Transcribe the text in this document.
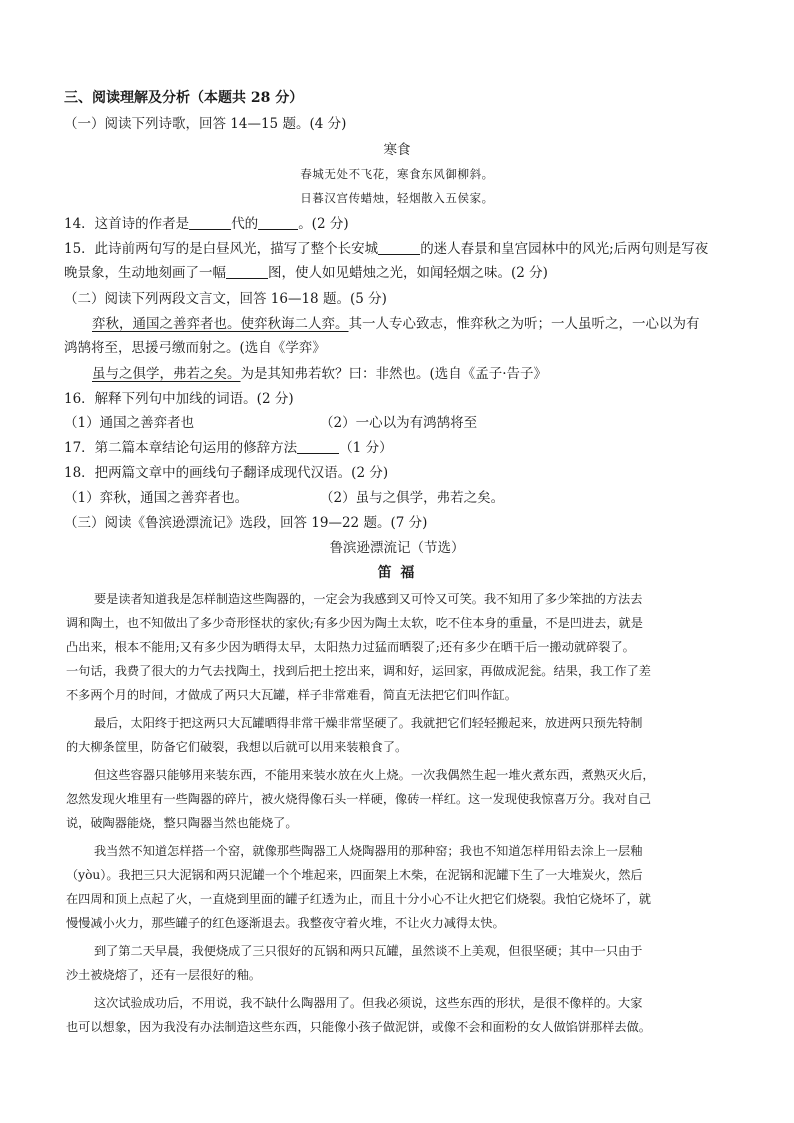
三、阅读理解及分析（本题共 28 分）
（一）阅读下列诗歌，回答 14—15 题。(4 分)
寒食
春城无处不飞花，寒食东风御柳斜。
日暮汉宫传蜡烛，轻烟散入五侯家。
14．这首诗的作者是	代的	。(2 分)
15．此诗前两句写的是白昼风光，描写了整个长安城	的迷人春景和皇宫园林中的风光;后两句则是写夜
晚景象，生动地刻画了一幅	图，使人如见蜡烛之光，如闻轻烟之味。(2 分)
（二）阅读下列两段文言文，回答 16—18 题。(5 分)
弈秋，通国之善弈者也。使弈秋诲二人弈。其一人专心致志，惟弈秋之为听；一人虽听之，一心以为有
鸿鹄将至，思援弓缴而射之。(选自《学弈》
虽与之俱学，弗若之矣。为是其知弗若软？曰：非然也。(选自《孟子·告子》
16．解释下列句中加线的词语。(2 分)
（1）通国之善弈者也	（2）一心以为有鸿鹄将至
17．第二篇本章结论句运用的修辞方法	（1 分）
18．把两篇文章中的画线句子翻译成现代汉语。(2 分)
（1）弈秋，通国之善弈者也。	（2）虽与之俱学，弗若之矣。
（三）阅读《鲁滨逊漂流记》选段，回答 19—22 题。(7 分)
鲁滨逊漂流记（节选）
笛 福
要是读者知道我是怎样制造这些陶器的，一定会为我感到又可怜又可笑。我不知用了多少笨拙的方法去
调和陶土，也不知做出了多少奇形怪状的家伙;有多少因为陶土太软，吃不住本身的重量，不是凹进去，就是
凸出来，根本不能用;又有多少因为晒得太早，太阳热力过猛而晒裂了;还有多少在晒干后一搬动就碎裂了。
一句话，我费了很大的力气去找陶土，找到后把土挖出来，调和好，运回家，再做成泥瓮。结果，我工作了差
不多两个月的时间，才做成了两只大瓦罐，样子非常难看，简直无法把它们叫作缸。
最后，太阳终于把这两只大瓦罐晒得非常干燥非常坚硬了。我就把它们轻轻搬起来，放进两只预先特制
的大柳条筐里，防备它们破裂，我想以后就可以用来装粮食了。
但这些容器只能够用来装东西，不能用来装水放在火上烧。一次我偶然生起一堆火煮东西，煮熟灭火后，
忽然发现火堆里有一些陶器的碎片，被火烧得像石头一样硬，像砖一样红。这一发现使我惊喜万分。我对自己
说，破陶器能烧，整只陶器当然也能烧了。
我当然不知道怎样搭一个窑，就像那些陶器工人烧陶器用的那种窑；我也不知道怎样用铅去涂上一层釉
（yòu）。我把三只大泥锅和两只泥罐一个个堆起来，四面架上木柴，在泥锅和泥罐下生了一大堆炭火，然后
在四周和顶上点起了火，一直烧到里面的罐子红透为止，而且十分小心不让火把它们烧裂。我怕它烧坏了，就
慢慢减小火力，那些罐子的红色逐渐退去。我整夜守着火堆，不让火力减得太快。
到了第二天早晨，我便烧成了三只很好的瓦锅和两只瓦罐，虽然谈不上美观，但很坚硬；其中一只由于
沙土被烧熔了，还有一层很好的釉。
这次试验成功后，不用说，我不缺什么陶器用了。但我必须说，这些东西的形状，是很不像样的。大家
也可以想象，因为我没有办法制造这些东西，只能像小孩子做泥饼，或像不会和面粉的女人做馅饼那样去做。
